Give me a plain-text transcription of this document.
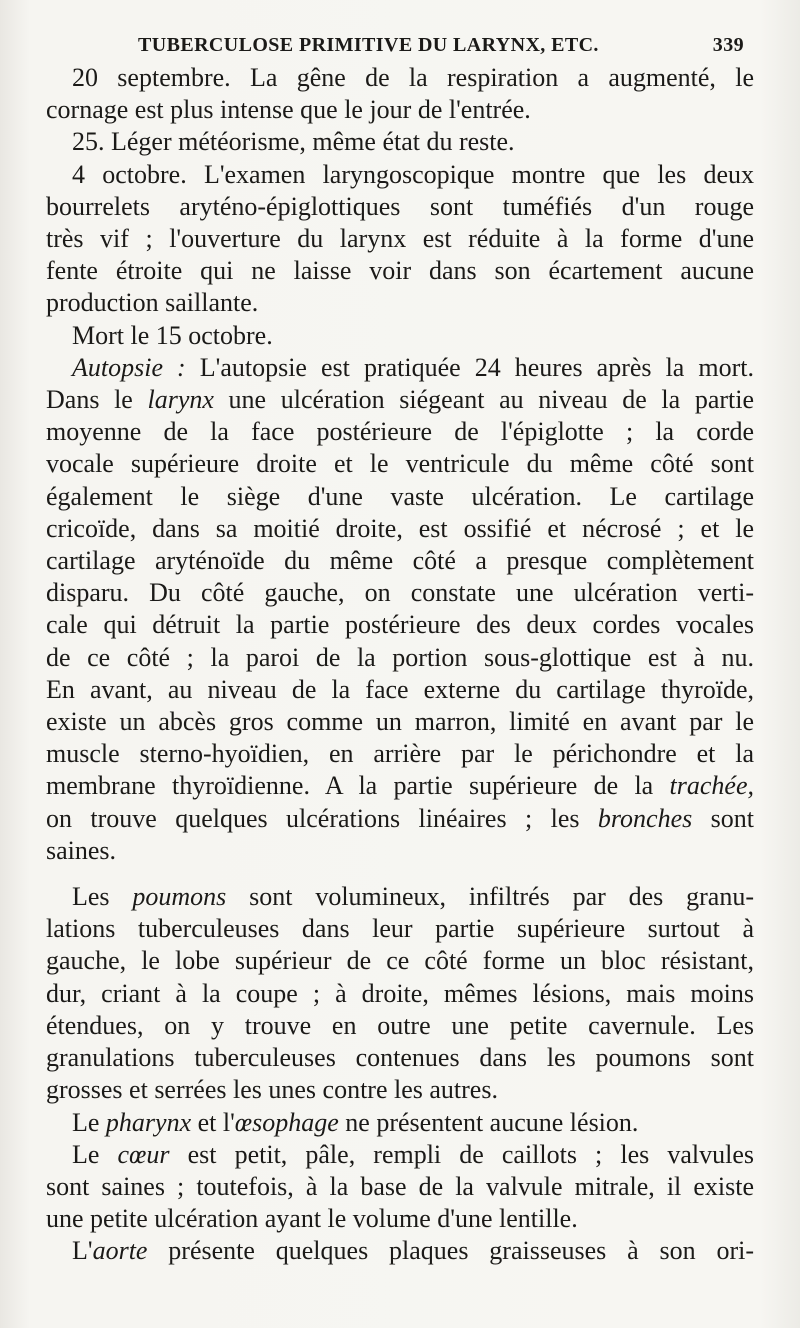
TUBERCULOSE PRIMITIVE DU LARYNX, ETC.	339

20 septembre. La gêne de la respiration a augmenté, le

cornage est plus intense que le jour de l'entrée.

25. Léger météorisme, même état du reste.

4 octobre. L'examen laryngoscopique montre que les deux

bourrelets aryténo-épiglottiques sont tuméfiés d'un rouge

très vif ; l'ouverture du larynx est réduite à la forme d'une

fente étroite qui ne laisse voir dans son écartement aucune

production saillante.

Mort le 15 octobre.

Autopsie : L'autopsie est pratiquée 24 heures après la mort.

Dans le larynx une ulcération siégeant au niveau de la partie

moyenne de la face postérieure de l'épiglotte ; la corde

vocale supérieure droite et le ventricule du même côté sont

également le siège d'une vaste ulcération. Le cartilage

cricoïde, dans sa moitié droite, est ossifié et nécrosé ; et le

cartilage aryténoïde du même côté a presque complètement

disparu. Du côté gauche, on constate une ulcération verti-

cale qui détruit la partie postérieure des deux cordes vocales

de ce côté ; la paroi de la portion sous-glottique est à nu.

En avant, au niveau de la face externe du cartilage thyroïde,

existe un abcès gros comme un marron, limité en avant par le

muscle sterno-hyoïdien, en arrière par le périchondre et la

membrane thyroïdienne. A la partie supérieure de la trachée,

on trouve quelques ulcérations linéaires ; les bronches sont

saines.

Les poumons sont volumineux, infiltrés par des granu-

lations tuberculeuses dans leur partie supérieure surtout à

gauche, le lobe supérieur de ce côté forme un bloc résistant,

dur, criant à la coupe ; à droite, mêmes lésions, mais moins

étendues, on y trouve en outre une petite cavernule. Les

granulations tuberculeuses contenues dans les poumons sont

grosses et serrées les unes contre les autres.

Le pharynx et l'œsophage ne présentent aucune lésion.

Le cœur est petit, pâle, rempli de caillots ; les valvules

sont saines ; toutefois, à la base de la valvule mitrale, il existe

une petite ulcération ayant le volume d'une lentille.

L'aorte présente quelques plaques graisseuses à son ori-
